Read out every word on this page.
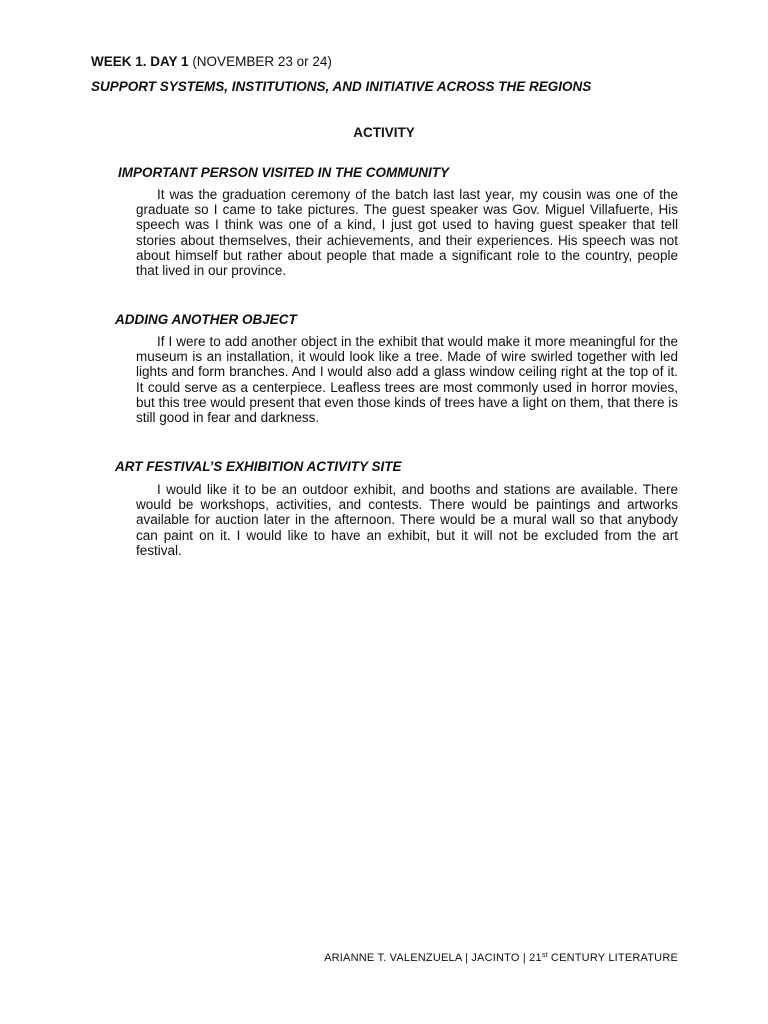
WEEK 1. DAY 1 (NOVEMBER 23 or 24)
SUPPORT SYSTEMS, INSTITUTIONS, AND INITIATIVE ACROSS THE REGIONS
ACTIVITY
IMPORTANT PERSON VISITED IN THE COMMUNITY

It was the graduation ceremony of the batch last last year, my cousin was one of the graduate so I came to take pictures. The guest speaker was Gov. Miguel Villafuerte, His speech was I think was one of a kind, I just got used to having guest speaker that tell stories about themselves, their achievements, and their experiences. His speech was not about himself but rather about people that made a significant role to the country, people that lived in our province.

ADDING ANOTHER OBJECT

If I were to add another object in the exhibit that would make it more meaningful for the museum is an installation, it would look like a tree. Made of wire swirled together with led lights and form branches. And I would also add a glass window ceiling right at the top of it. It could serve as a centerpiece. Leafless trees are most commonly used in horror movies, but this tree would present that even those kinds of trees have a light on them, that there is still good in fear and darkness.

ART FESTIVAL’S EXHIBITION ACTIVITY SITE

I would like it to be an outdoor exhibit, and booths and stations are available. There would be workshops, activities, and contests. There would be paintings and artworks available for auction later in the afternoon. There would be a mural wall so that anybody can paint on it. I would like to have an exhibit, but it will not be excluded from the art festival.

ARIANNE T. VALENZUELA | JACINTO | 21st CENTURY LITERATURE
